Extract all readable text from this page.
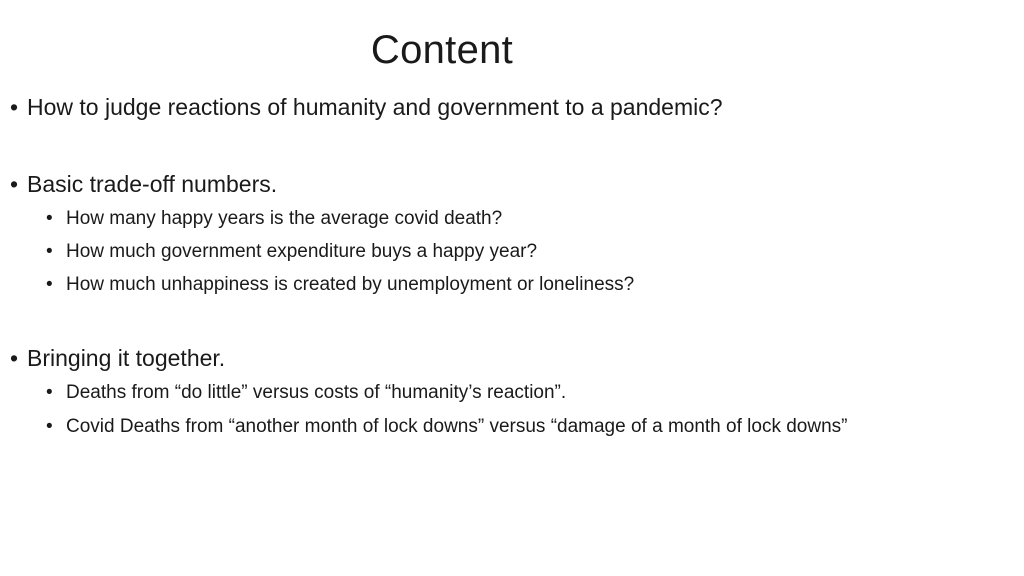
Content
• How to judge reactions of humanity and government to a pandemic?
• Basic trade-off numbers.
• How many happy years is the average covid death?
• How much government expenditure buys a happy year?
• How much unhappiness is created by unemployment or loneliness?
• Bringing it together.
• Deaths from “do little” versus costs of “humanity’s reaction”.
• Covid Deaths from “another month of lock downs” versus “damage of a month of lock downs”
